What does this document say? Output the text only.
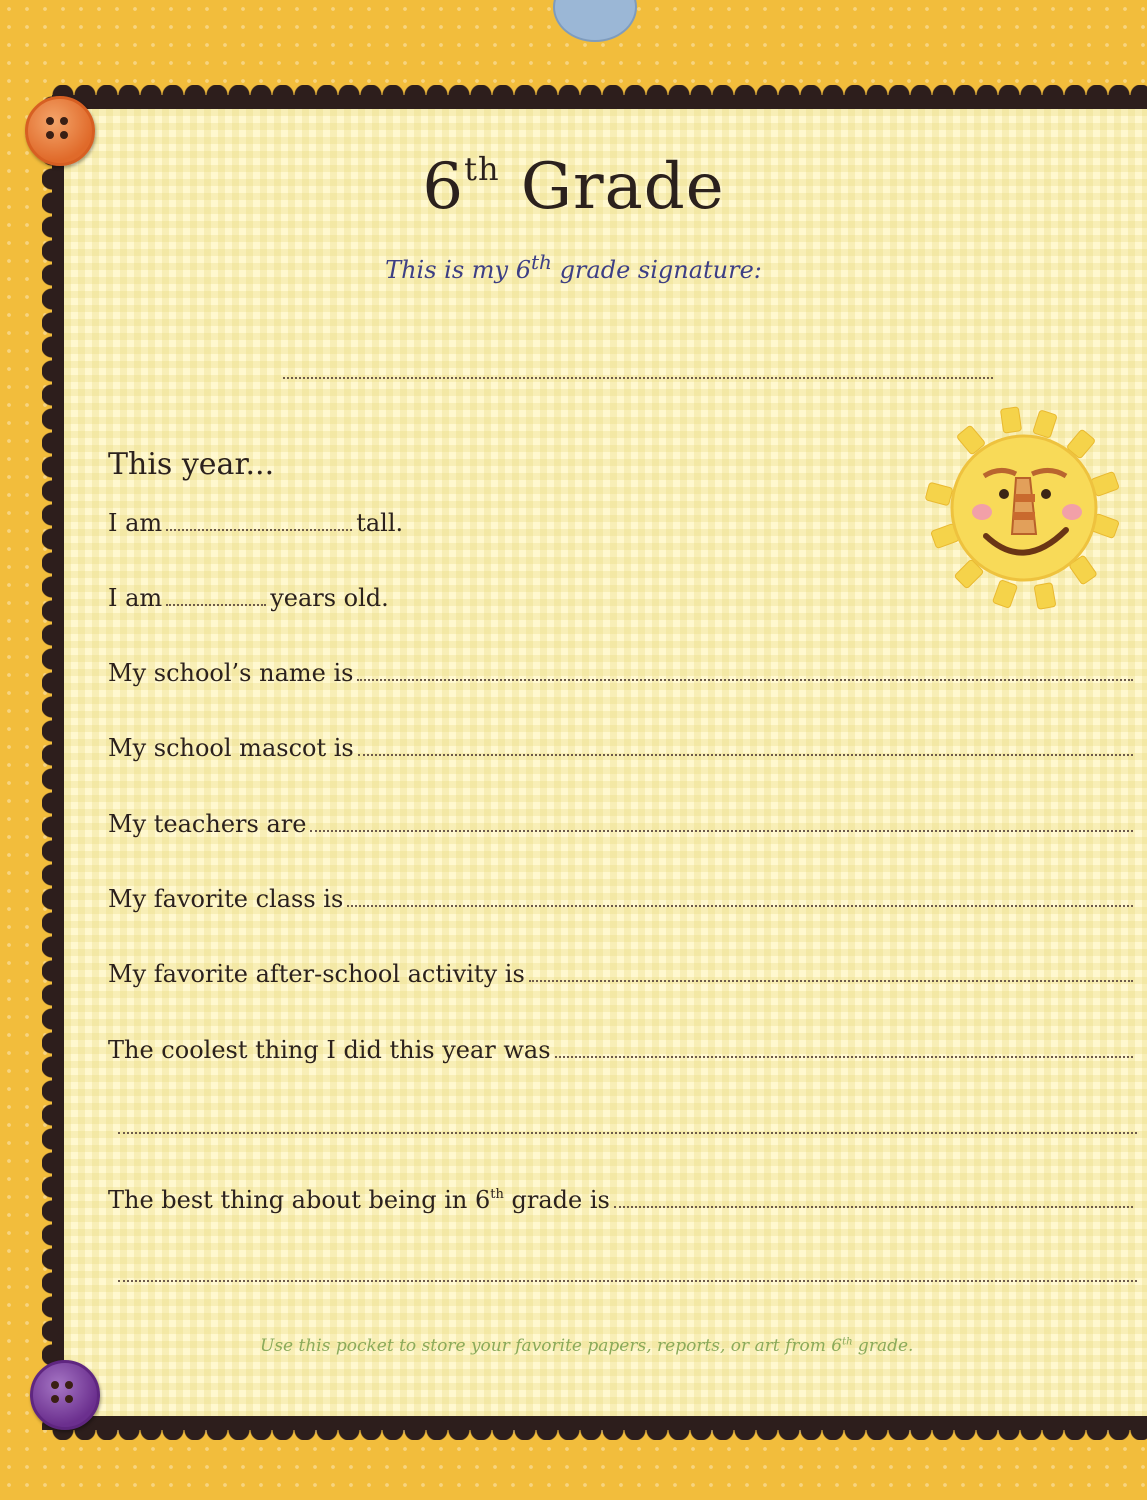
6th Grade
This is my 6th grade signature:
This year...
I am	tall.
I am	years old.
My school’s name is
My school mascot is
My teachers are
My favorite class is
My favorite after-school activity is
The coolest thing I did this year was
The best thing about being in 6th grade is
Use this pocket to store your favorite papers, reports, or art from 6th grade.
